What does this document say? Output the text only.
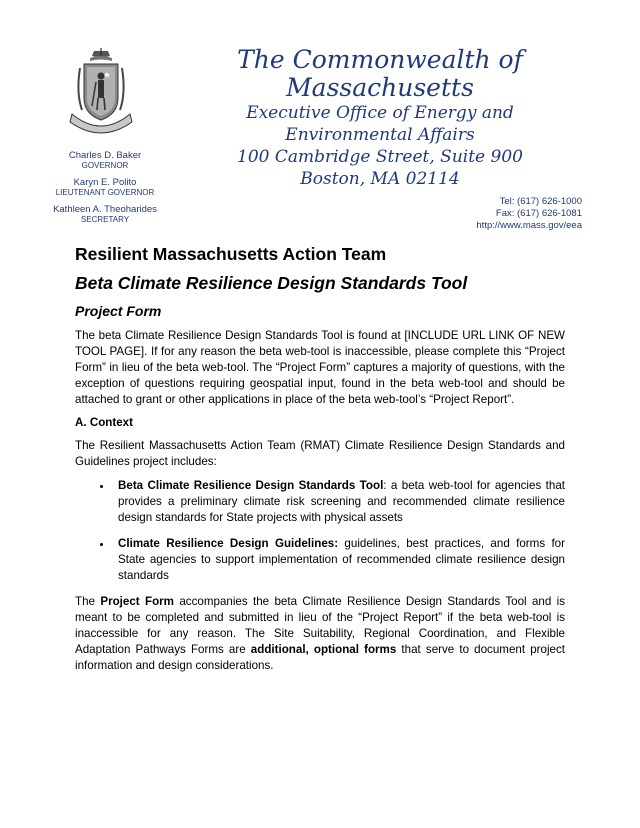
The Commonwealth of Massachusetts
Executive Office of Energy and Environmental Affairs
100 Cambridge Street, Suite 900
Boston, MA 02114
Charles D. Baker
GOVERNOR
Karyn E. Polito
LIEUTENANT GOVERNOR
Kathleen A. Theoharides
SECRETARY
Tel: (617) 626-1000
Fax: (617) 626-1081
http://www.mass.gov/eea
Resilient Massachusetts Action Team
Beta Climate Resilience Design Standards Tool
Project Form

The beta Climate Resilience Design Standards Tool is found at [INCLUDE URL LINK OF NEW TOOL PAGE]. If for any reason the beta web-tool is inaccessible, please complete this “Project Form” in lieu of the beta web-tool. The “Project Form” captures a majority of questions, with the exception of questions requiring geospatial input, found in the beta web-tool and should be attached to grant or other applications in place of the beta web-tool’s “Project Report”.

A. Context

The Resilient Massachusetts Action Team (RMAT) Climate Resilience Design Standards and Guidelines project includes:

• Beta Climate Resilience Design Standards Tool: a beta web-tool for agencies that provides a preliminary climate risk screening and recommended climate resilience design standards for State projects with physical assets
• Climate Resilience Design Guidelines: guidelines, best practices, and forms for State agencies to support implementation of recommended climate resilience design standards

The Project Form accompanies the beta Climate Resilience Design Standards Tool and is meant to be completed and submitted in lieu of the “Project Report” if the beta web-tool is inaccessible for any reason. The Site Suitability, Regional Coordination, and Flexible Adaptation Pathways Forms are additional, optional forms that serve to document project information and design considerations.
